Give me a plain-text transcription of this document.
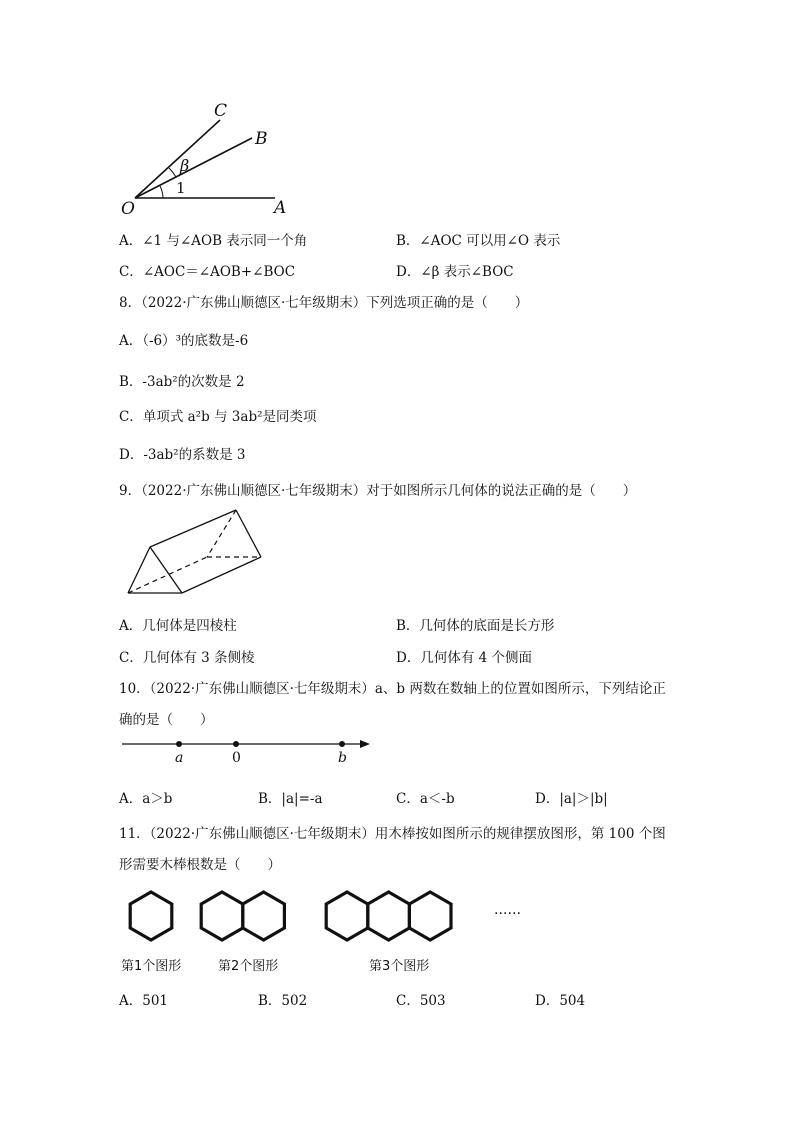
C
B
O	A
β
1
A．∠1 与∠AOB 表示同一个角	B．∠AOC 可以用∠O 表示
C．∠AOC＝∠AOB+∠BOC	D．∠β 表示∠BOC
8．（2022·广东佛山顺德区·七年级期末）下列选项正确的是（　　）
A．（-6）³的底数是-6
B．-3ab²的次数是 2
C．单项式 a²b 与 3ab²是同类项
D．-3ab²的系数是 3
9．（2022·广东佛山顺德区·七年级期末）对于如图所示几何体的说法正确的是（　　）
A．几何体是四棱柱	B．几何体的底面是长方形
C．几何体有 3 条侧棱	D．几何体有 4 个侧面
10．（2022·广东佛山顺德区·七年级期末）a、b 两数在数轴上的位置如图所示，下列结论正
确的是（　　）
a	0	b
A．a＞b	B．|a|=-a	C．a＜-b	D．|a|＞|b|
11．（2022·广东佛山顺德区·七年级期末）用木棒按如图所示的规律摆放图形，第 100 个图
形需要木棒根数是（　　）
……
第1个图形	第2个图形	第3个图形
A．501	B．502	C．503	D．504
